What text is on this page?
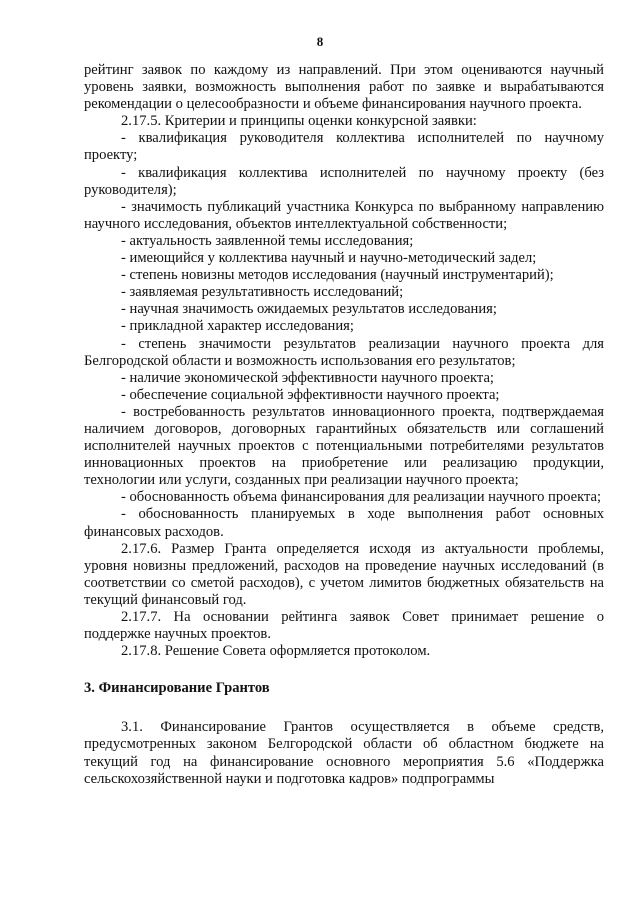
8

рейтинг заявок по каждому из направлений. При этом оцениваются научный уровень заявки, возможность выполнения работ по заявке и вырабатываются рекомендации о целесообразности и объеме финансирования научного проекта.

2.17.5. Критерии и принципы оценки конкурсной заявки:

- квалификация руководителя коллектива исполнителей по научному проекту;

- квалификация коллектива исполнителей по научному проекту (без руководителя);

- значимость публикаций участника Конкурса по выбранному направлению научного исследования, объектов интеллектуальной собственности;

- актуальность заявленной темы исследования;

- имеющийся у коллектива научный и научно-методический задел;

- степень новизны методов исследования (научный инструментарий);

- заявляемая результативность исследований;

- научная значимость ожидаемых результатов исследования;

- прикладной характер исследования;

- степень значимости результатов реализации научного проекта для Белгородской области и возможность использования его результатов;

- наличие экономической эффективности научного проекта;

- обеспечение социальной эффективности научного проекта;

- востребованность результатов инновационного проекта, подтверждаемая наличием договоров, договорных гарантийных обязательств или соглашений исполнителей научных проектов с потенциальными потребителями результатов инновационных проектов на приобретение или реализацию продукции, технологии или услуги, созданных при реализации научного проекта;

- обоснованность объема финансирования для реализации научного проекта;

- обоснованность планируемых в ходе выполнения работ основных финансовых расходов.

2.17.6. Размер Гранта определяется исходя из актуальности проблемы, уровня новизны предложений, расходов на проведение научных исследований (в соответствии со сметой расходов), с учетом лимитов бюджетных обязательств на текущий финансовый год.

2.17.7. На основании рейтинга заявок Совет принимает решение о поддержке научных проектов.

2.17.8. Решение Совета оформляется протоколом.

3. Финансирование Грантов

3.1. Финансирование Грантов осуществляется в объеме средств, предусмотренных законом Белгородской области об областном бюджете на текущий год на финансирование основного мероприятия 5.6 «Поддержка сельскохозяйственной науки и подготовка кадров» подпрограммы
